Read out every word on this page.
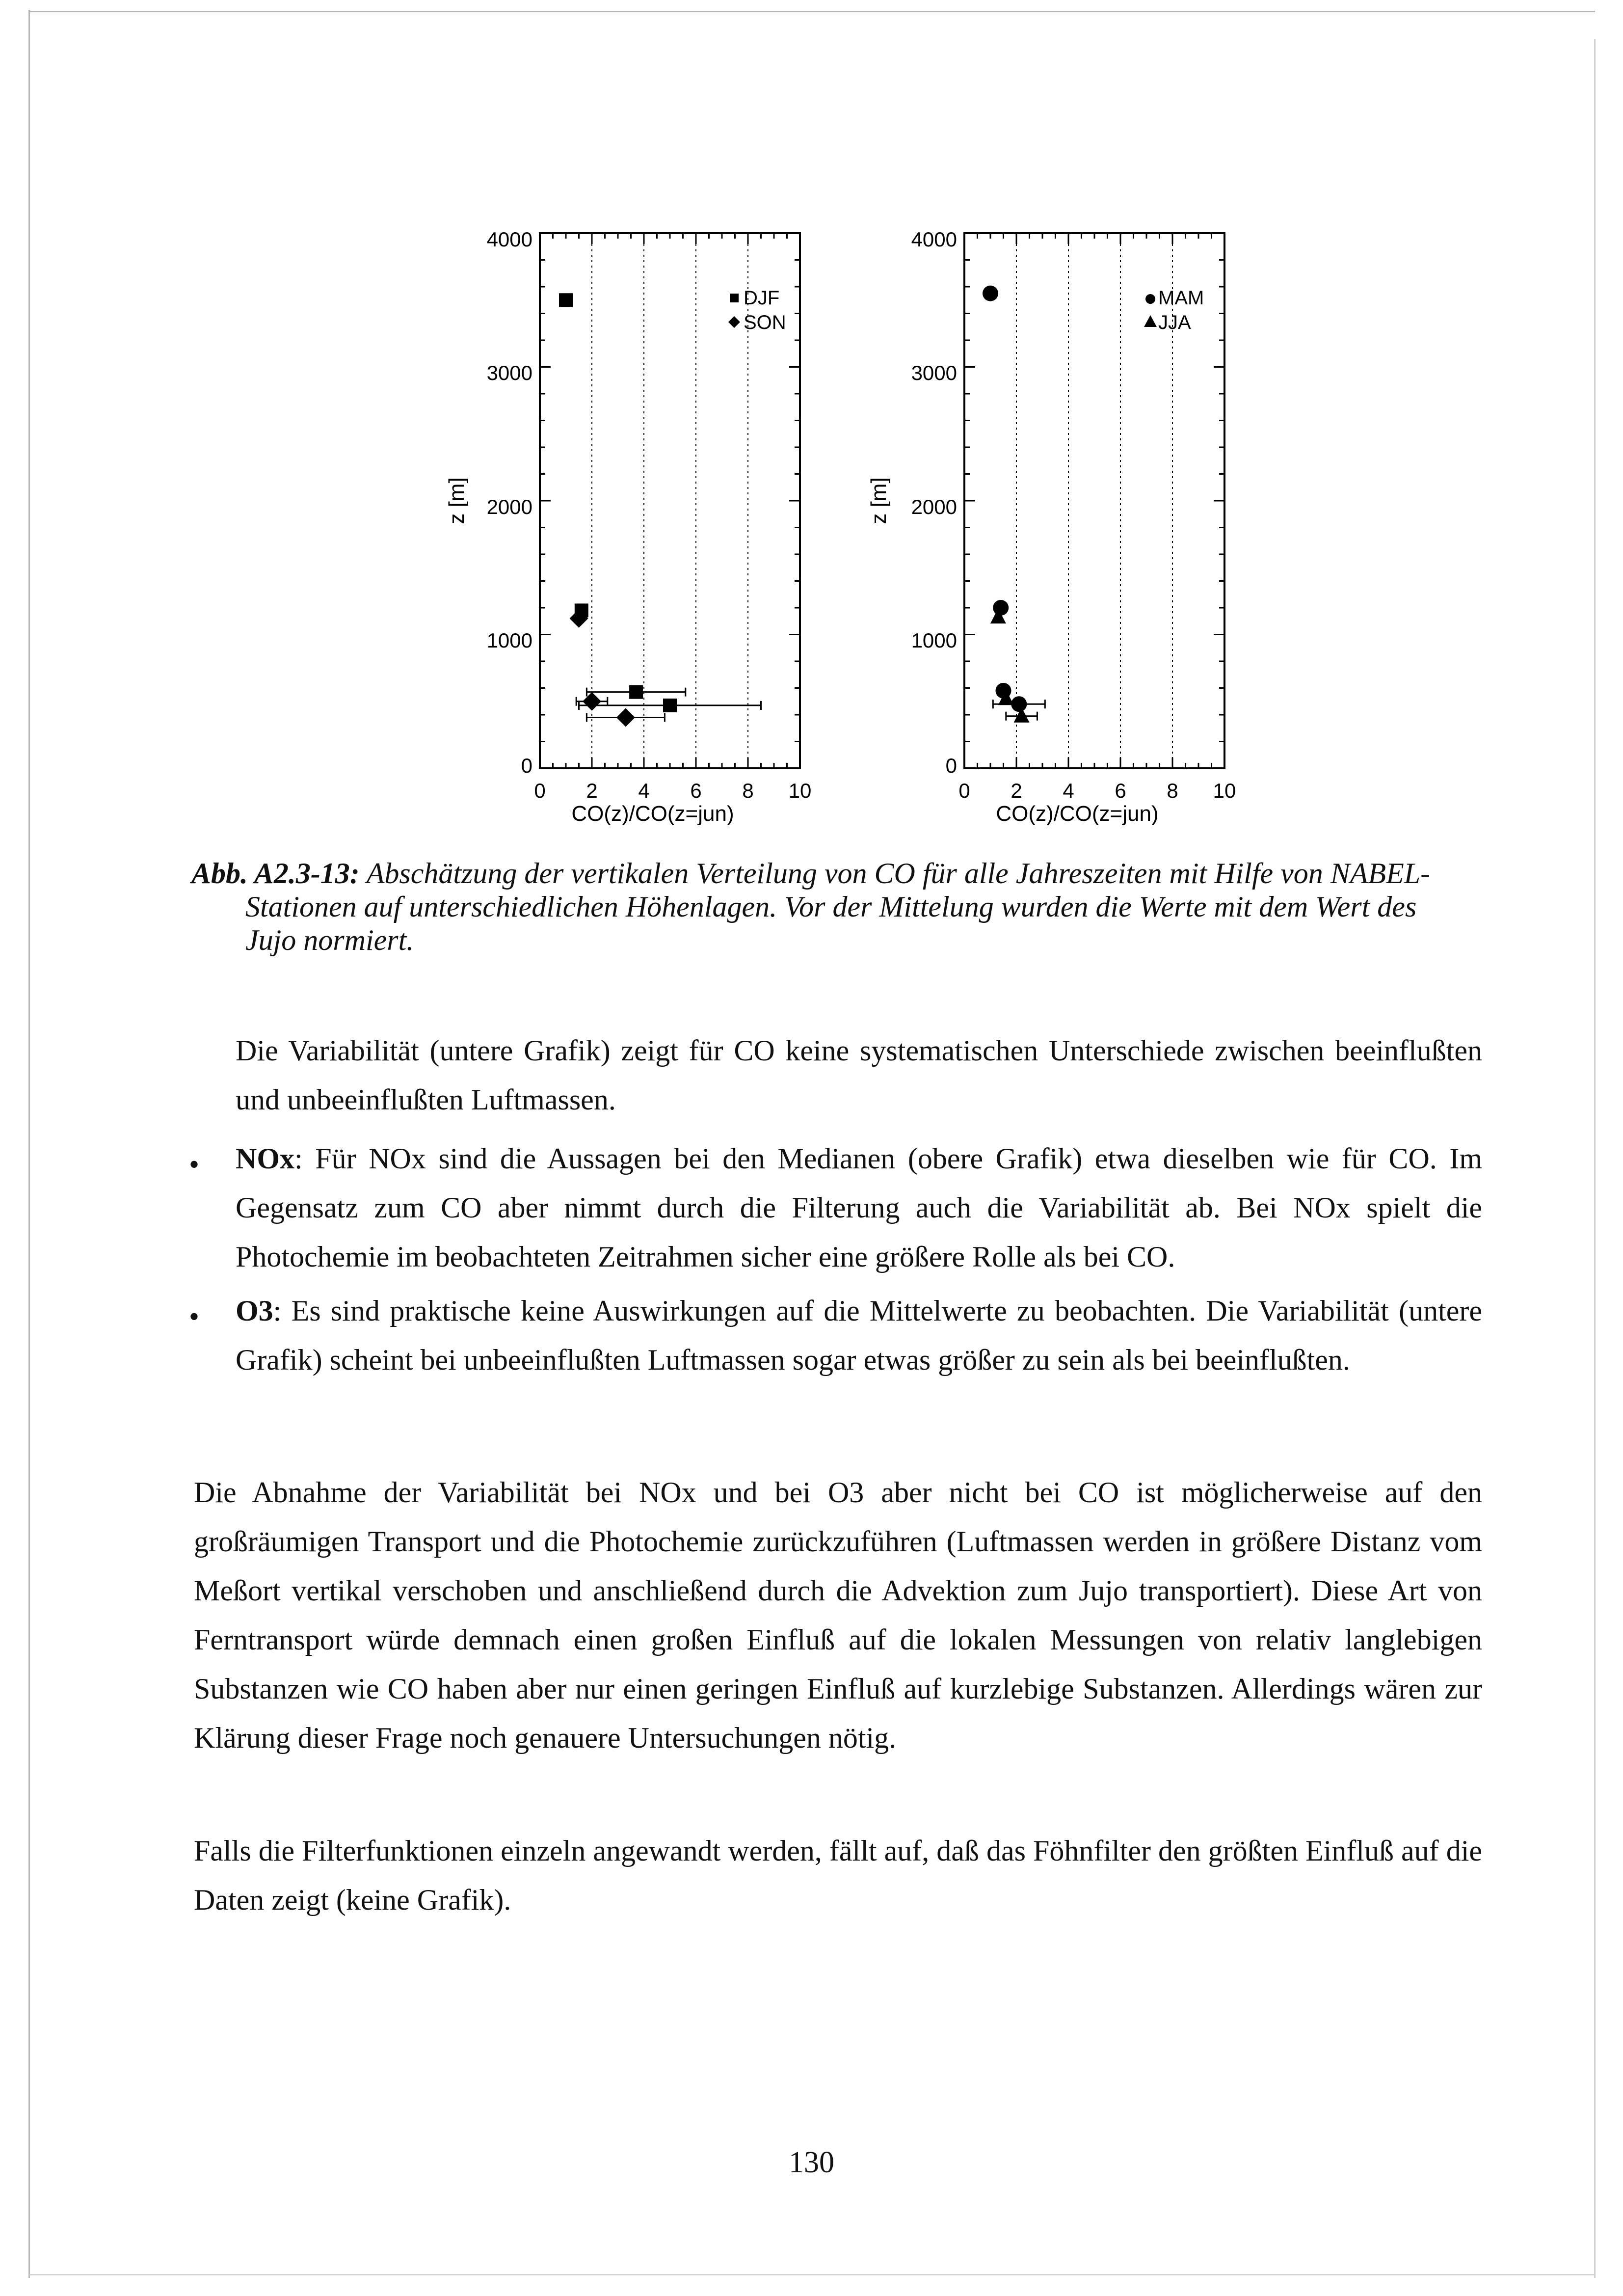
4000
3000
2000
1000
0
0 2 4 6 8 10
CO(z)/CO(z=jun)
z [m]
DJF
SON
4000
3000
2000
1000
0
0 2 4 6 8 10
CO(z)/CO(z=jun)
z [m]
MAM
JJA

Abb. A2.3-13: Abschätzung der vertikalen Verteilung von CO für alle Jahreszeiten mit Hilfe von NABEL-

Stationen auf unterschiedlichen Höhenlagen. Vor der Mittelung wurden die Werte mit dem Wert des

Jujo normiert.

Die Variabilität (untere Grafik) zeigt für CO keine systematischen Unterschiede zwischen beeinflußten und unbeeinflußten Luftmassen.

• NOx: Für NOx sind die Aussagen bei den Medianen (obere Grafik) etwa dieselben wie für CO. Im Gegensatz zum CO aber nimmt durch die Filterung auch die Variabilität ab. Bei NOx spielt die Photochemie im beobachteten Zeitrahmen sicher eine größere Rolle als bei CO.

• O3: Es sind praktische keine Auswirkungen auf die Mittelwerte zu beobachten. Die Variabilität (untere Grafik) scheint bei unbeeinflußten Luftmassen sogar etwas größer zu sein als bei beeinflußten.

Die Abnahme der Variabilität bei NOx und bei O3 aber nicht bei CO ist möglicherweise auf den großräumigen Transport und die Photochemie zurückzuführen (Luftmassen werden in größere Distanz vom Meßort vertikal verschoben und anschließend durch die Advektion zum Jujo transportiert). Diese Art von Ferntransport würde demnach einen großen Einfluß auf die lokalen Messungen von relativ langlebigen Substanzen wie CO haben aber nur einen geringen Einfluß auf kurzlebige Substanzen. Allerdings wären zur Klärung dieser Frage noch genauere Untersuchungen nötig.

Falls die Filterfunktionen einzeln angewandt werden, fällt auf, daß das Föhnfilter den größten Einfluß auf die Daten zeigt (keine Grafik).

130
